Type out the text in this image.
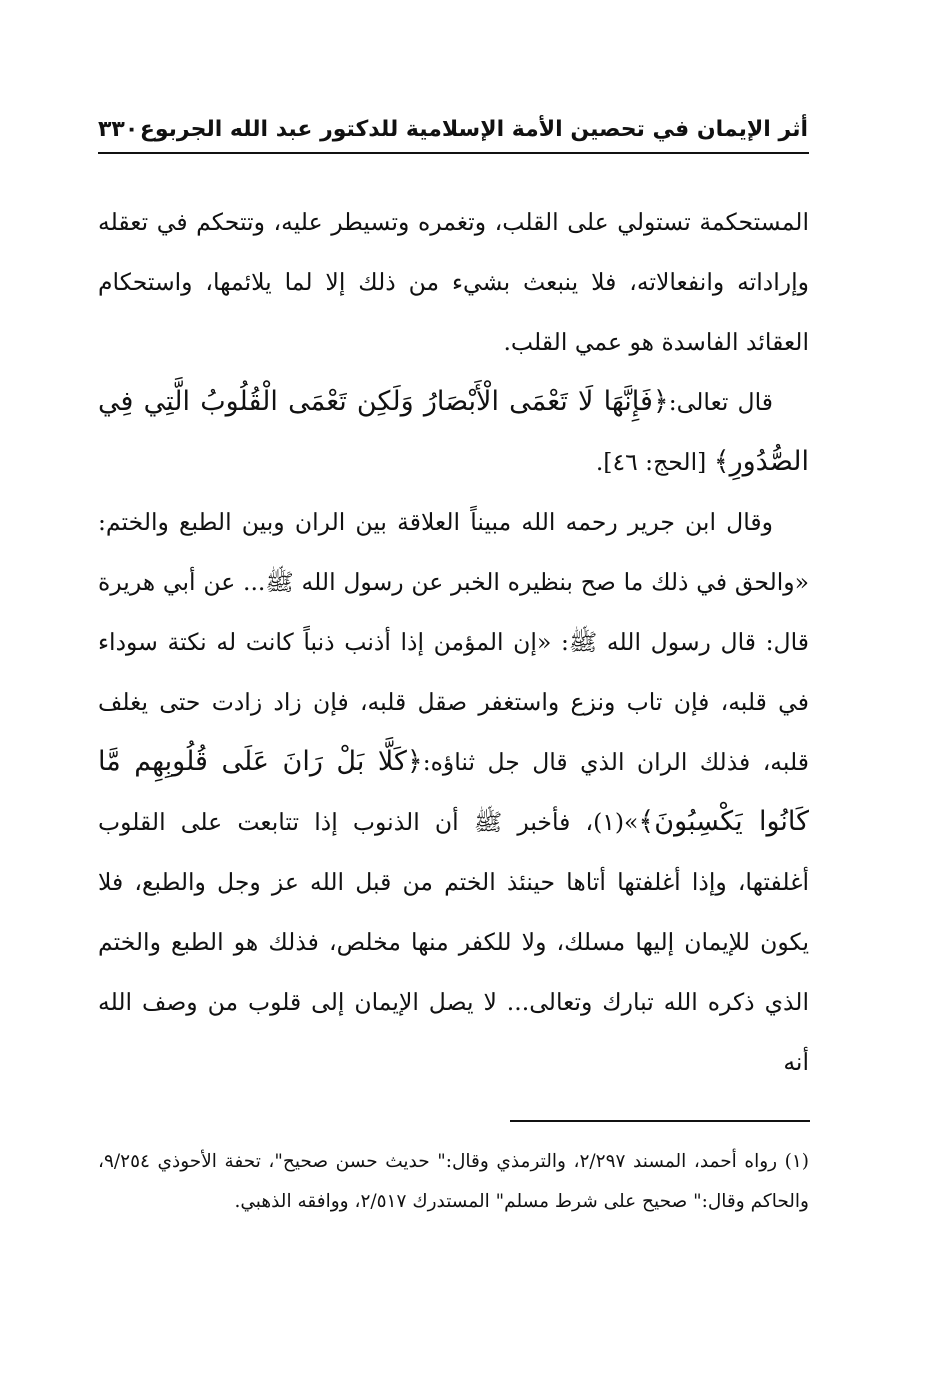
أثر الإيمان في تحصين الأمة الإسلامية للدكتور عبد الله الجربوع
٣٣٠

المستحكمة تستولي على القلب، وتغمره وتسيطر عليه، وتتحكم في تعقله وإراداته وانفعالاته، فلا ينبعث بشيء من ذلك إلا لما يلائمها، واستحكام العقائد الفاسدة هو عمي القلب.

قال تعالى:﴿فَإِنَّهَا لَا تَعْمَى الْأَبْصَارُ وَلَكِن تَعْمَى الْقُلُوبُ الَّتِي فِي الصُّدُورِ﴾ [الحج: ٤٦].

وقال ابن جرير رحمه الله مبيناً العلاقة بين الران وبين الطبع والختم: «والحق في ذلك ما صح بنظيره الخبر عن رسول الله ﷺ... عن أبي هريرة قال: قال رسول الله ﷺ: «إن المؤمن إذا أذنب ذنباً كانت له نكتة سوداء في قلبه، فإن تاب ونزع واستغفر صقل قلبه، فإن زاد زادت حتى يغلف قلبه، فذلك الران الذي قال جل ثناؤه:﴿كَلَّا بَلْ رَانَ عَلَى قُلُوبِهِم مَّا كَانُوا يَكْسِبُونَ﴾»(١)، فأخبر ﷺ أن الذنوب إذا تتابعت على القلوب أغلفتها، وإذا أغلفتها أتاها حينئذ الختم من قبل الله عز وجل والطبع، فلا يكون للإيمان إليها مسلك، ولا للكفر منها مخلص، فذلك هو الطبع والختم الذي ذكره الله تبارك وتعالى... لا يصل الإيمان إلى قلوب من وصف الله أنه

(١) رواه أحمد، المسند ٢/٢٩٧، والترمذي وقال:" حديث حسن صحيح"، تحفة الأحوذي ٩/٢٥٤، والحاكم وقال:" صحيح على شرط مسلم" المستدرك ٢/٥١٧، ووافقه الذهبي.
